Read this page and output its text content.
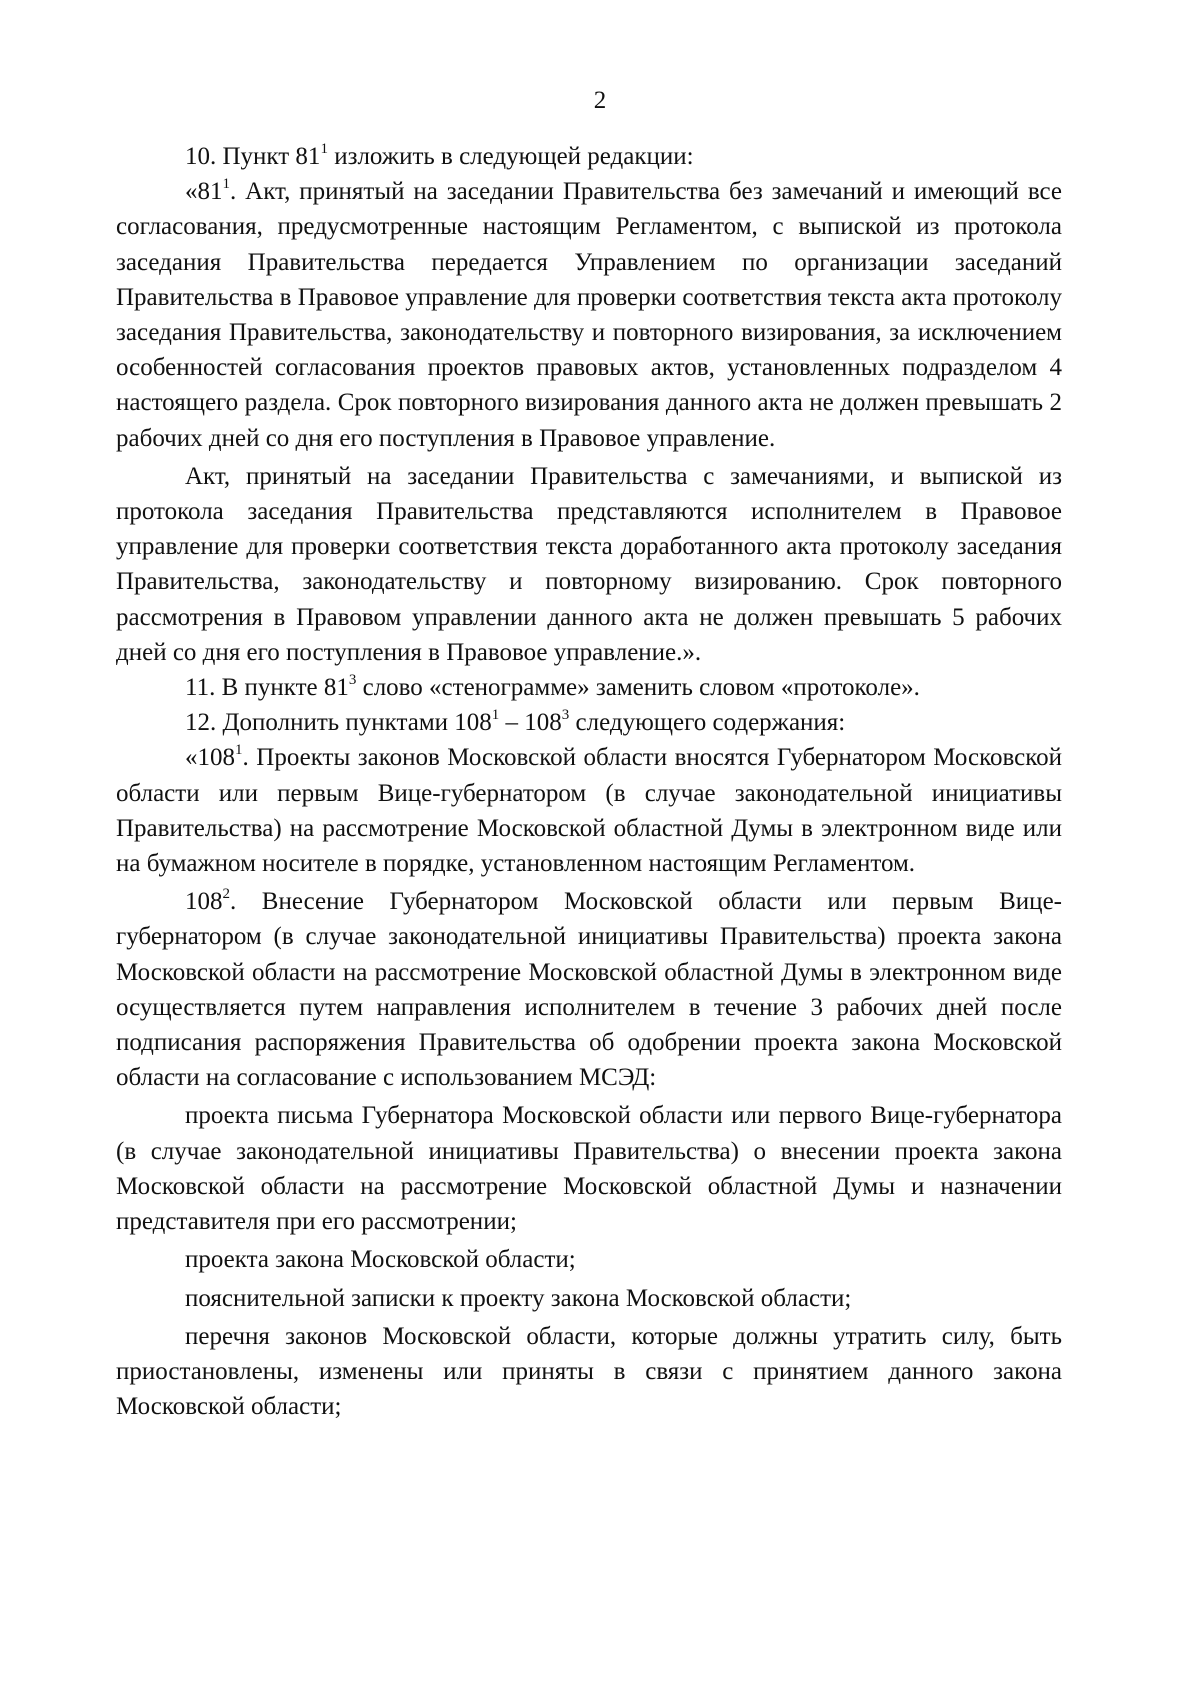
2

10. Пункт $81^1$ изложить в следующей редакции:

«$81^1$. Акт, принятый на заседании Правительства без замечаний и имеющий все согласования, предусмотренные настоящим Регламентом, с выпиской из протокола заседания Правительства передается Управлением по организации заседаний Правительства в Правовое управление для проверки соответствия текста акта протоколу заседания Правительства, законодательству и повторного визирования, за исключением особенностей согласования проектов правовых актов, установленных подразделом 4 настоящего раздела. Срок повторного визирования данного акта не должен превышать 2 рабочих дней со дня его поступления в Правовое управление.

Акт, принятый на заседании Правительства с замечаниями, и выпиской из протокола заседания Правительства представляются исполнителем в Правовое управление для проверки соответствия текста доработанного акта протоколу заседания Правительства, законодательству и повторному визированию. Срок повторного рассмотрения в Правовом управлении данного акта не должен превышать 5 рабочих дней со дня его поступления в Правовое управление.».

11. В пункте $81^3$ слово «стенограмме» заменить словом «протоколе».

12. Дополнить пунктами $108^1 - 108^3$ следующего содержания:

«$108^1$. Проекты законов Московской области вносятся Губернатором Московской области или первым Вице-губернатором (в случае законодательной инициативы Правительства) на рассмотрение Московской областной Думы в электронном виде или на бумажном носителе в порядке, установленном настоящим Регламентом.

$108^2$. Внесение Губернатором Московской области или первым Вице-губернатором (в случае законодательной инициативы Правительства) проекта закона Московской области на рассмотрение Московской областной Думы в электронном виде осуществляется путем направления исполнителем в течение 3 рабочих дней после подписания распоряжения Правительства об одобрении проекта закона Московской области на согласование с использованием МСЭД:

проекта письма Губернатора Московской области или первого Вице-губернатора (в случае законодательной инициативы Правительства) о внесении проекта закона Московской области на рассмотрение Московской областной Думы и назначении представителя при его рассмотрении;

проекта закона Московской области;

пояснительной записки к проекту закона Московской области;

перечня законов Московской области, которые должны утратить силу, быть приостановлены, изменены или приняты в связи с принятием данного закона Московской области;
